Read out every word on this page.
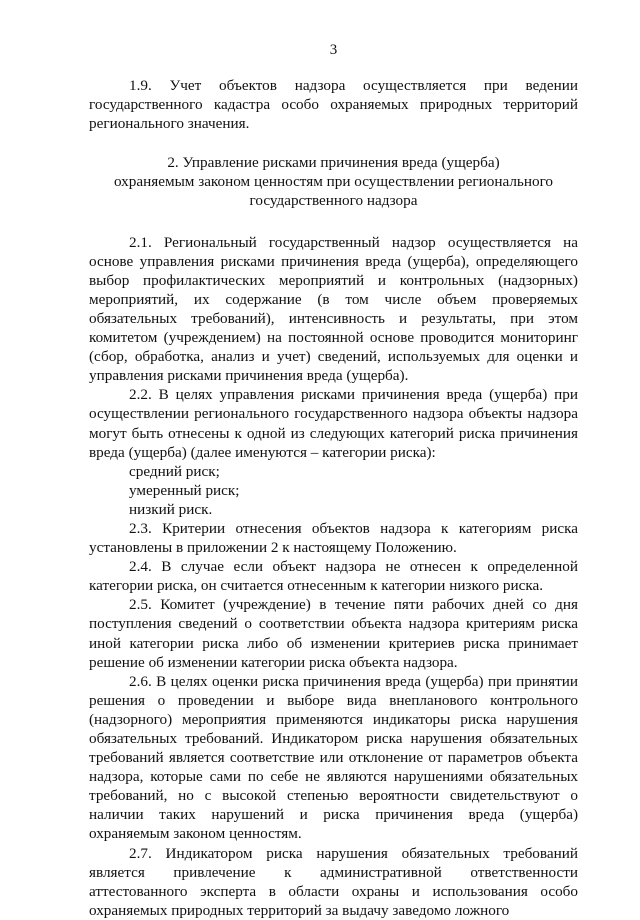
3

1.9. Учет объектов надзора осуществляется при ведении государственного кадастра особо охраняемых природных территорий регионального значения.

2. Управление рисками причинения вреда (ущерба)
охраняемым законом ценностям при осуществлении регионального
государственного надзора

2.1. Региональный государственный надзор осуществляется на основе управления рисками причинения вреда (ущерба), определяющего выбор профилактических мероприятий и контрольных (надзорных) мероприятий, их содержание (в том числе объем проверяемых обязательных требований), интенсивность и результаты, при этом комитетом (учреждением) на постоянной основе проводится мониторинг (сбор, обработка, анализ и учет) сведений, используемых для оценки и управления рисками причинения вреда (ущерба).

2.2. В целях управления рисками причинения вреда (ущерба) при осуществлении регионального государственного надзора объекты надзора могут быть отнесены к одной из следующих категорий риска причинения вреда (ущерба) (далее именуются – категории риска):

средний риск;

умеренный риск;

низкий риск.

2.3. Критерии отнесения объектов надзора к категориям риска установлены в приложении 2 к настоящему Положению.

2.4. В случае если объект надзора не отнесен к определенной категории риска, он считается отнесенным к категории низкого риска.

2.5. Комитет (учреждение) в течение пяти рабочих дней со дня поступления сведений о соответствии объекта надзора критериям риска иной категории риска либо об изменении критериев риска принимает решение об изменении категории риска объекта надзора.

2.6. В целях оценки риска причинения вреда (ущерба) при принятии решения о проведении и выборе вида внепланового контрольного (надзорного) мероприятия применяются индикаторы риска нарушения обязательных требований. Индикатором риска нарушения обязательных требований является соответствие или отклонение от параметров объекта надзора, которые сами по себе не являются нарушениями обязательных требований, но с высокой степенью вероятности свидетельствуют о наличии таких нарушений и риска причинения вреда (ущерба) охраняемым законом ценностям.

2.7. Индикатором риска нарушения обязательных требований является привлечение к административной ответственности аттестованного эксперта в области охраны и использования особо охраняемых природных территорий за выдачу заведомо ложного
